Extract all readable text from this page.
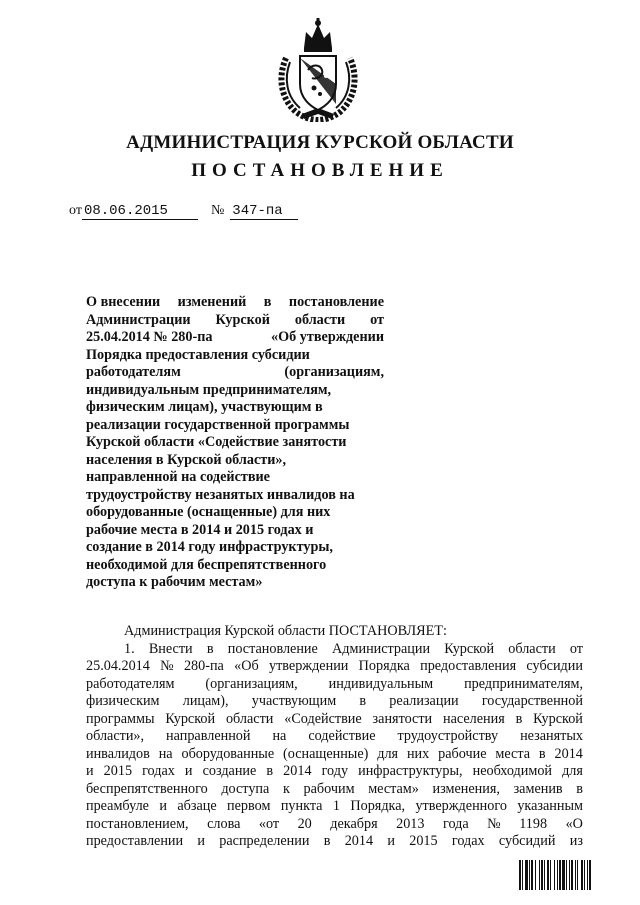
АДМИНИСТРАЦИЯ КУРСКОЙ ОБЛАСТИ
ПОСТАНОВЛЕНИЕ
от 08.06.2015	№ 347-па
О внесении изменений в постановление
Администрации Курской области от
25.04.2014 № 280-па	«Об утверждении
Порядка предоставления субсидии
работодателям	(организациям,
индивидуальным предпринимателям,
физическим лицам), участвующим в
реализации государственной программы
Курской области «Содействие занятости
населения в Курской области»,
направленной на содействие
трудоустройству незанятых инвалидов на
оборудованные (оснащенные) для них
рабочие места в 2014 и 2015 годах и
создание в 2014 году инфраструктуры,
необходимой для беспрепятственного
доступа к рабочим местам»
Администрация Курской области ПОСТАНОВЛЯЕТ:
1. Внести в постановление Администрации Курской области от
25.04.2014 № 280-па «Об утверждении Порядка предоставления субсидии
работодателям (организациям, индивидуальным предпринимателям,
физическим лицам), участвующим в реализации государственной
программы Курской области «Содействие занятости населения в Курской
области», направленной на содействие трудоустройству незанятых
инвалидов на оборудованные (оснащенные) для них рабочие места в 2014
и 2015 годах и создание в 2014 году инфраструктуры, необходимой для
беспрепятственного доступа к рабочим местам» изменения, заменив в
преамбуле и абзаце первом пункта 1 Порядка, утвержденного указанным
постановлением, слова «от 20 декабря 2013 года № 1198 «О
предоставлении и распределении в 2014 и 2015 годах субсидий из
